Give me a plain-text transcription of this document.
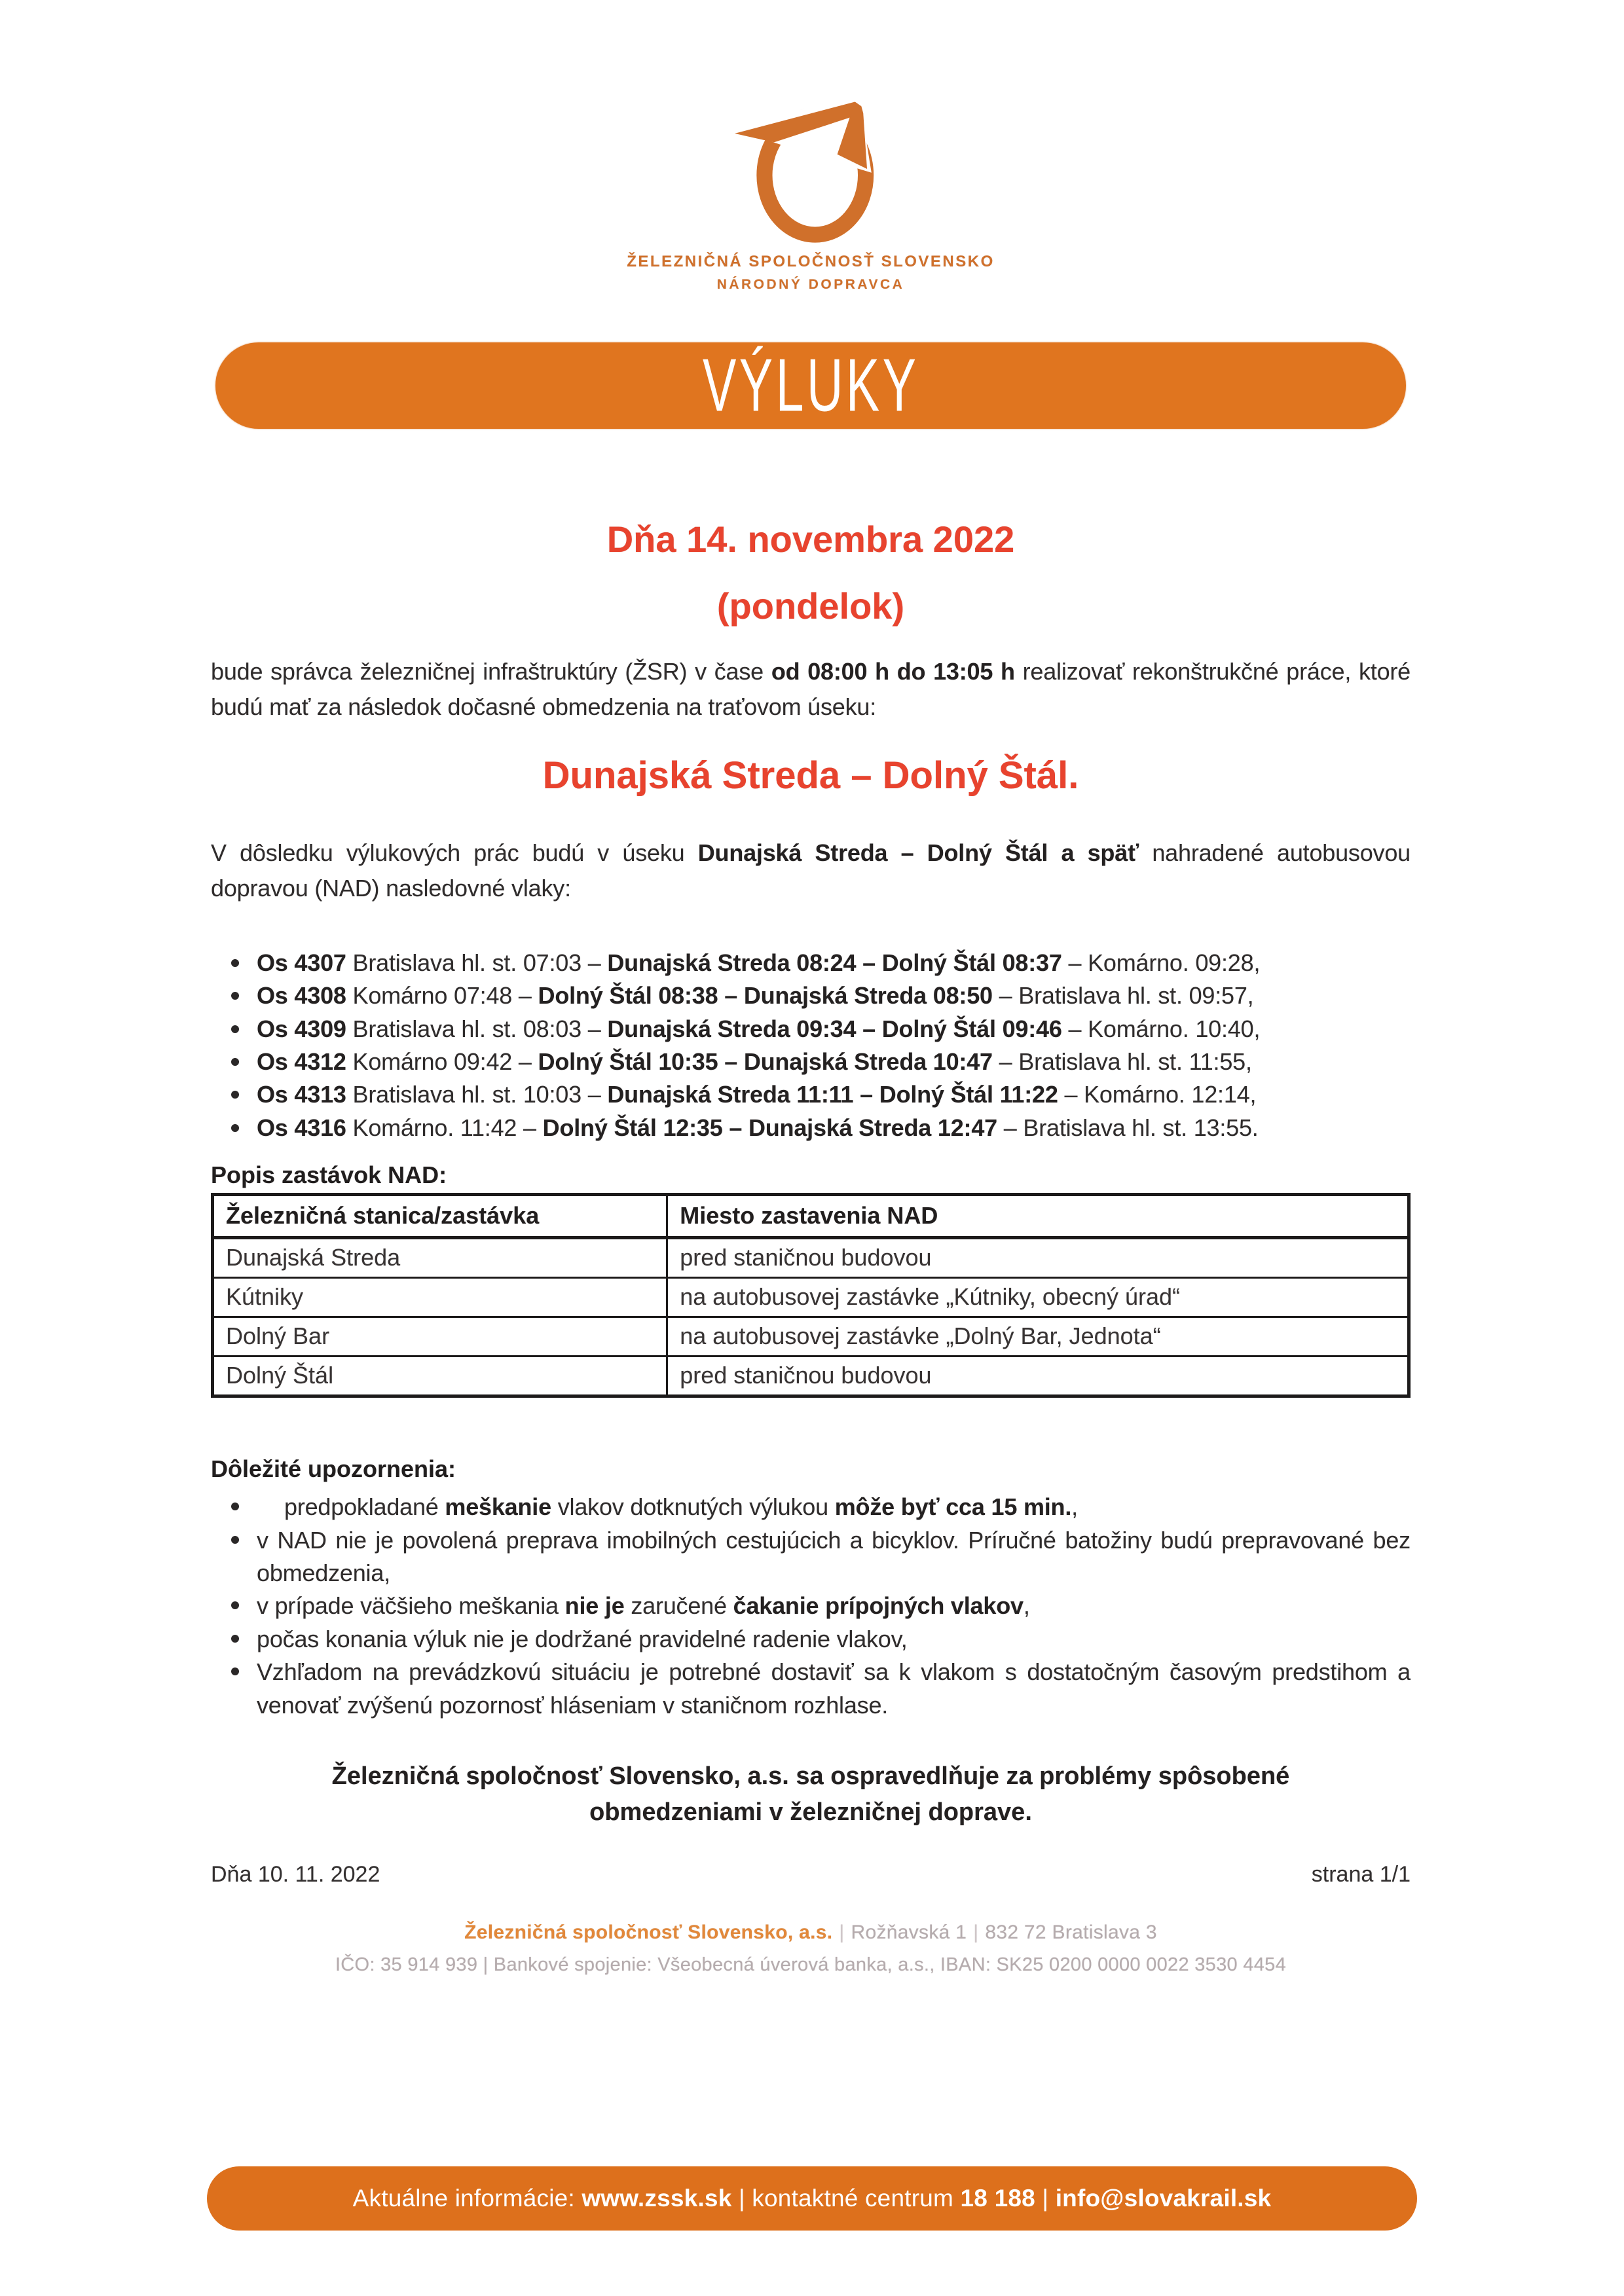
ŽELEZNIČNÁ SPOLOČNOSŤ SLOVENSKO
NÁRODNÝ DOPRAVCA
VÝLUKY
Dňa 14. novembra 2022
(pondelok)

bude správca železničnej infraštruktúry (ŽSR) v čase od 08:00 h do 13:05 h realizovať rekonštrukčné práce, ktoré budú mať za následok dočasné obmedzenia na traťovom úseku:

Dunajská Streda – Dolný Štál.

V dôsledku výlukových prác budú v úseku Dunajská Streda – Dolný Štál a späť nahradené autobusovou dopravou (NAD) nasledovné vlaky:

Os 4307 Bratislava hl. st. 07:03 – Dunajská Streda 08:24 – Dolný Štál 08:37 – Komárno. 09:28,
Os 4308 Komárno 07:48 – Dolný Štál 08:38 – Dunajská Streda 08:50 – Bratislava hl. st. 09:57,
Os 4309 Bratislava hl. st. 08:03 – Dunajská Streda 09:34 – Dolný Štál 09:46 – Komárno. 10:40,
Os 4312 Komárno 09:42 – Dolný Štál 10:35 – Dunajská Streda 10:47 – Bratislava hl. st. 11:55,
Os 4313 Bratislava hl. st. 10:03 – Dunajská Streda 11:11 – Dolný Štál 11:22 – Komárno. 12:14,
Os 4316 Komárno. 11:42 – Dolný Štál 12:35 – Dunajská Streda 12:47 – Bratislava hl. st. 13:55.
Popis zastávok NAD:
Železničná stanica/zastávka	Miesto zastavenia NAD
Dunajská Streda	pred staničnou budovou
Kútniky	na autobusovej zastávke „Kútniky, obecný úrad“
Dolný Bar	na autobusovej zastávke „Dolný Bar, Jednota“
Dolný Štál	pred staničnou budovou
Dôležité upozornenia:
predpokladané meškanie vlakov dotknutých výlukou môže byť cca 15 min.,
v NAD nie je povolená preprava imobilných cestujúcich a bicyklov. Príručné batožiny budú prepravované bez obmedzenia,
v prípade väčšieho meškania nie je zaručené čakanie prípojných vlakov,
počas konania výluk nie je dodržané pravidelné radenie vlakov,
Vzhľadom na prevádzkovú situáciu je potrebné dostaviť sa k vlakom s dostatočným časovým predstihom a venovať zvýšenú pozornosť hláseniam v staničnom rozhlase.
Železničná spoločnosť Slovensko, a.s. sa ospravedlňuje za problémy spôsobené obmedzeniami v železničnej doprave.
Dňa 10. 11. 2022	strana 1/1
Železničná spoločnosť Slovensko, a.s. | Rožňavská 1 | 832 72 Bratislava 3
IČO: 35 914 939 | Bankové spojenie: Všeobecná úverová banka, a.s., IBAN: SK25 0200 0000 0022 3530 4454
Aktuálne informácie: www.zssk.sk | kontaktné centrum 18 188 | info@slovakrail.sk
